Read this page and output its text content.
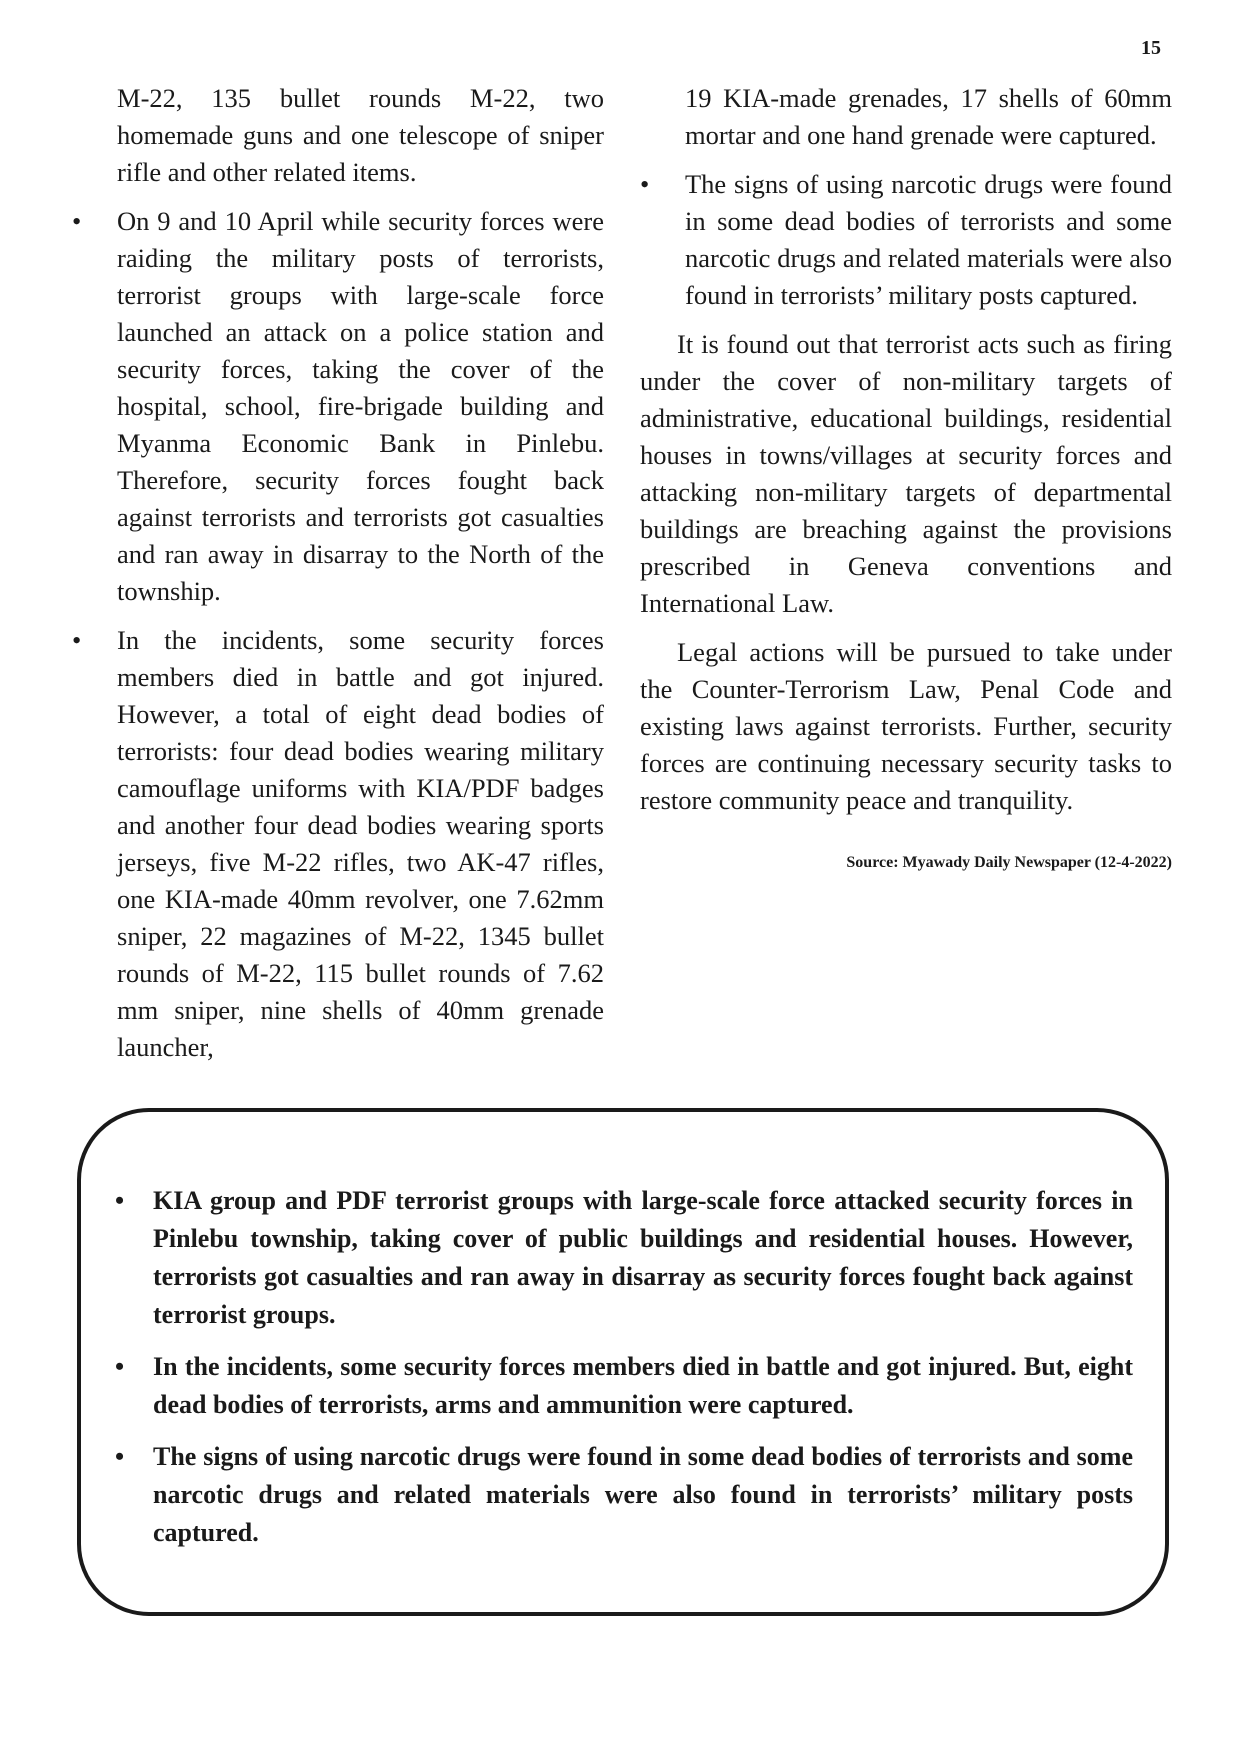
15

M-22, 135 bullet rounds M-22, two homemade guns and one telescope of sniper rifle and other related items.

• On 9 and 10 April while security forces were raiding the military posts of terrorists, terrorist groups with large-scale force launched an attack on a police station and security forces, taking the cover of the hospital, school, fire-brigade building and Myanma Economic Bank in Pinlebu. Therefore, security forces fought back against terrorists and terrorists got casualties and ran away in disarray to the North of the township.

• In the incidents, some security forces members died in battle and got injured. However, a total of eight dead bodies of terrorists: four dead bodies wearing military camouflage uniforms with KIA/PDF badges and another four dead bodies wearing sports jerseys, five M-22 rifles, two AK-47 rifles, one KIA-made 40mm revolver, one 7.62mm sniper, 22 magazines of M-22, 1345 bullet rounds of M-22, 115 bullet rounds of 7.62 mm sniper, nine shells of 40mm grenade launcher,

19 KIA-made grenades, 17 shells of 60mm mortar and one hand grenade were captured.

• The signs of using narcotic drugs were found in some dead bodies of terrorists and some narcotic drugs and related materials were also found in terrorists’ military posts captured.

It is found out that terrorist acts such as firing under the cover of non-military targets of administrative, educational buildings, residential houses in towns/villages at security forces and attacking non-military targets of departmental buildings are breaching against the provisions prescribed in Geneva conventions and International Law.

Legal actions will be pursued to take under the Counter-Terrorism Law, Penal Code and existing laws against terrorists. Further, security forces are continuing necessary security tasks to restore community peace and tranquility.

Source: Myawady Daily Newspaper (12-4-2022)

• KIA group and PDF terrorist groups with large-scale force attacked security forces in Pinlebu township, taking cover of public buildings and residential houses. However, terrorists got casualties and ran away in disarray as security forces fought back against terrorist groups.
• In the incidents, some security forces members died in battle and got injured. But, eight dead bodies of terrorists, arms and ammunition were captured.
• The signs of using narcotic drugs were found in some dead bodies of terrorists and some narcotic drugs and related materials were also found in terrorists’ military posts captured.
